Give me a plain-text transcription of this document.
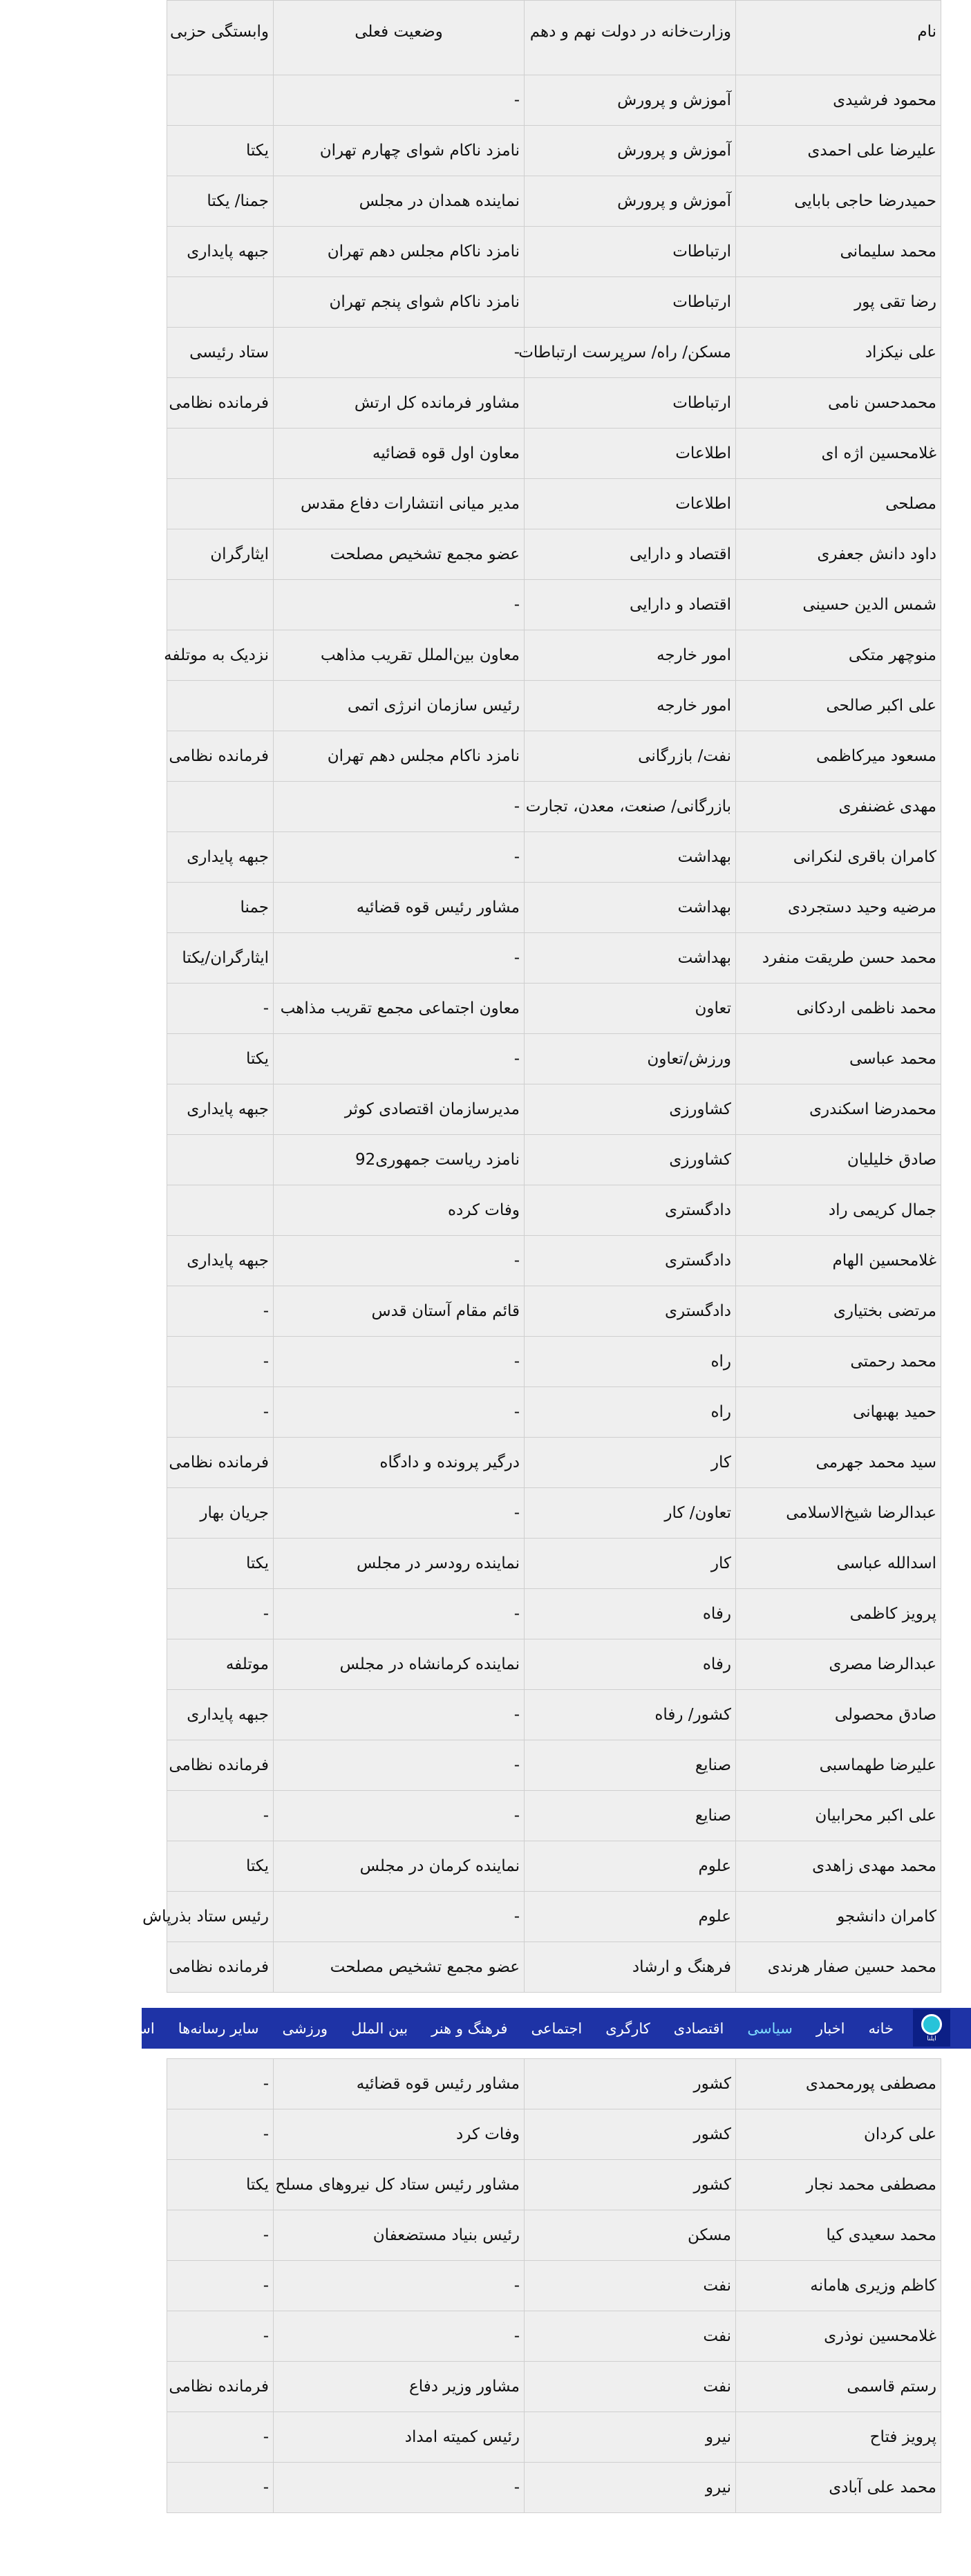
نام	وزارت‌خانه در دولت نهم و دهم	وضعیت فعلی	وابستگی حزبی
محمود فرشیدی	آموزش و پرورش	-	
علیرضا علی احمدی	آموزش و پرورش	نامزد ناکام شوای چهارم تهران	یکتا
حمیدرضا حاجی بابایی	آموزش و پرورش	نماینده همدان در مجلس	جمنا/ یکتا
محمد سلیمانی	ارتباطات	نامزد ناکام مجلس دهم تهران	جبهه پایداری
رضا تقی پور	ارتباطات	نامزد ناکام شوای پنجم تهران	
علی نیکزاد	مسکن/ راه/ سرپرست ارتباطات	-	ستاد رئیسی
محمدحسن نامی	ارتباطات	مشاور فرمانده کل ارتش	فرمانده نظامی
غلامحسین اژه ای	اطلاعات	معاون اول قوه قضائیه	
مصلحی	اطلاعات	مدیر میانی انتشارات دفاع مقدس	
داود دانش جعفری	اقتصاد و دارایی	عضو مجمع تشخیص مصلحت	ایثارگران
شمس الدین حسینی	اقتصاد و دارایی	-	
منوچهر متکی	امور خارجه	معاون بین‌الملل تقریب مذاهب	نزدیک به موتلفه
علی اکبر صالحی	امور خارجه	رئیس سازمان انرژی اتمی	
مسعود میرکاظمی	نفت/ بازرگانی	نامزد ناکام مجلس دهم تهران	فرمانده نظامی
مهدی غضنفری	بازرگانی/ صنعت، معدن، تجارت	-	
کامران باقری لنکرانی	بهداشت	-	جبهه پایداری
مرضیه وحید دستجردی	بهداشت	مشاور رئیس قوه قضائیه	جمنا
محمد حسن طریقت منفرد	بهداشت	-	ایثارگران/یکتا
محمد ناظمی اردکانی	تعاون	معاون اجتماعی مجمع تقریب مذاهب	-
محمد عباسی	ورزش/تعاون	-	یکتا
محمدرضا اسکندری	کشاورزی	مدیرسازمان اقتصادی کوثر	جبهه پایداری
صادق خلیلیان	کشاورزی	نامزد ریاست جمهوری92	
جمال کریمی راد	دادگستری	وفات کرده	
غلامحسین الهام	دادگستری	-	جبهه پایداری
مرتضی بختیاری	دادگستری	قائم مقام آستان قدس	-
محمد رحمتی	راه	-	-
حمید بهبهانی	راه	-	-
سید محمد جهرمی	کار	درگیر پرونده و دادگاه	فرمانده نظامی
عبدالرضا شیخ‌الاسلامی	تعاون/ کار	-	جریان بهار
اسدالله عباسی	کار	نماینده رودسر در مجلس	یکتا
پرویز کاظمی	رفاه	-	-
عبدالرضا مصری	رفاه	نماینده کرمانشاه در مجلس	موتلفه
صادق محصولی	کشور/ رفاه	-	جبهه پایداری
علیرضا طهماسبی	صنایع	-	فرمانده نظامی
علی اکبر محرابیان	صنایع	-	-
محمد مهدی زاهدی	علوم	نماینده کرمان در مجلس	یکتا
کامران دانشجو	علوم	-	رئیس ستاد بذرپاش
محمد حسین صفار هرندی	فرهنگ و ارشاد	عضو مجمع تشخیص مصلحت	فرمانده نظامی
ایلنا
خانه
اخبار
سیاسی
اقتصادی
کارگری
اجتماعی
فرهنگ و هنر
بین الملل
ورزشی
سایر رسانه‌ها
استان‌ها
چندرسانه‌ای
مصطفی پورمحمدی	کشور	مشاور رئیس قوه قضائیه	-
علی کردان	کشور	وفات کرد	-
مصطفی محمد نجار	کشور	مشاور رئیس ستاد کل نیروهای مسلح	یکتا
محمد سعیدی کیا	مسکن	رئیس بنیاد مستضعفان	-
کاظم وزیری هامانه	نفت	-	-
غلامحسین نوذری	نفت	-	-
رستم قاسمی	نفت	مشاور وزیر دفاع	فرمانده نظامی
پرویز فتاح	نیرو	رئیس کمیته امداد	-
محمد علی آبادی	نیرو	-	-
